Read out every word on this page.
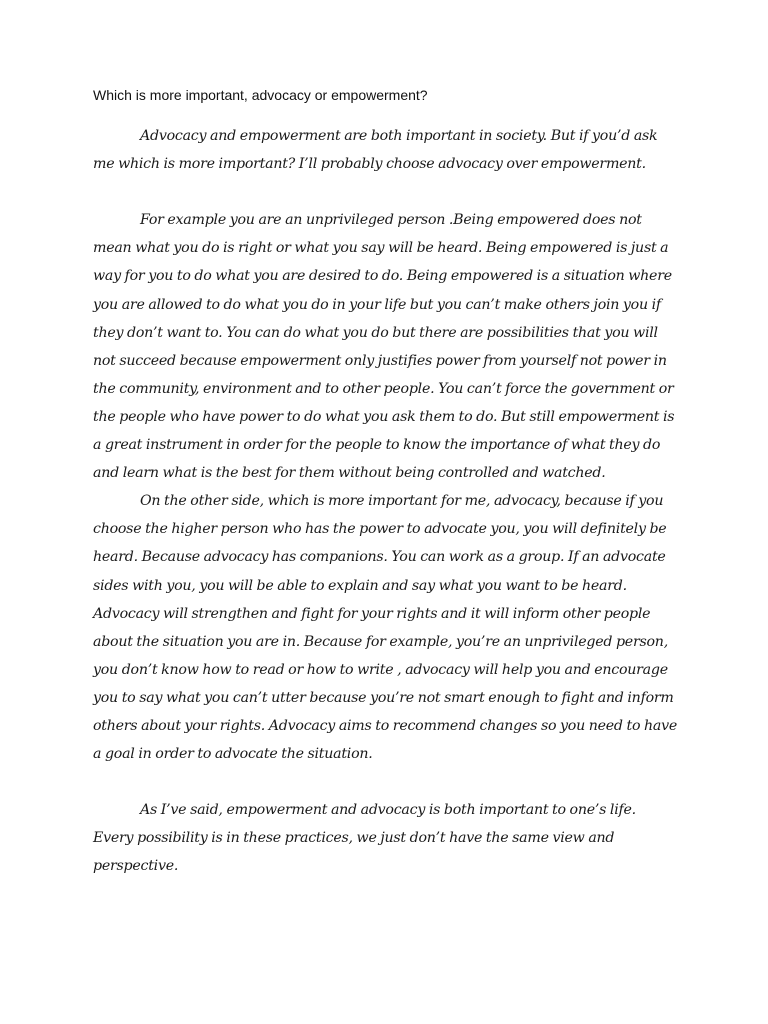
Which is more important, advocacy or empowerment?

Advocacy and empowerment are both important in society. But if you’d ask me which is more important? I’ll probably choose advocacy over empowerment.

For example you are an unprivileged person .Being empowered does not mean what you do is right or what you say will be heard. Being empowered is just a way for you to do what you are desired to do. Being empowered is a situation where you are allowed to do what you do in your life but you can’t make others join you if they don’t want to. You can do what you do but there are possibilities that you will not succeed because empowerment only justifies power from yourself not power in the community, environment and to other people. You can’t force the government or the people who have power to do what you ask them to do. But still empowerment is a great instrument in order for the people to know the importance of what they do and learn what is the best for them without being controlled and watched.

On the other side, which is more important for me, advocacy, because if you choose the higher person who has the power to advocate you, you will definitely be heard. Because advocacy has companions. You can work as a group. If an advocate sides with you, you will be able to explain and say what you want to be heard. Advocacy will strengthen and fight for your rights and it will inform other people about the situation you are in. Because for example, you’re an unprivileged person, you don’t know how to read or how to write , advocacy will help you and encourage you to say what you can’t utter because you’re not smart enough to fight and inform others about your rights. Advocacy aims to recommend changes so you need to have a goal in order to advocate the situation.

As I’ve said, empowerment and advocacy is both important to one’s life. Every possibility is in these practices, we just don’t have the same view and perspective.
